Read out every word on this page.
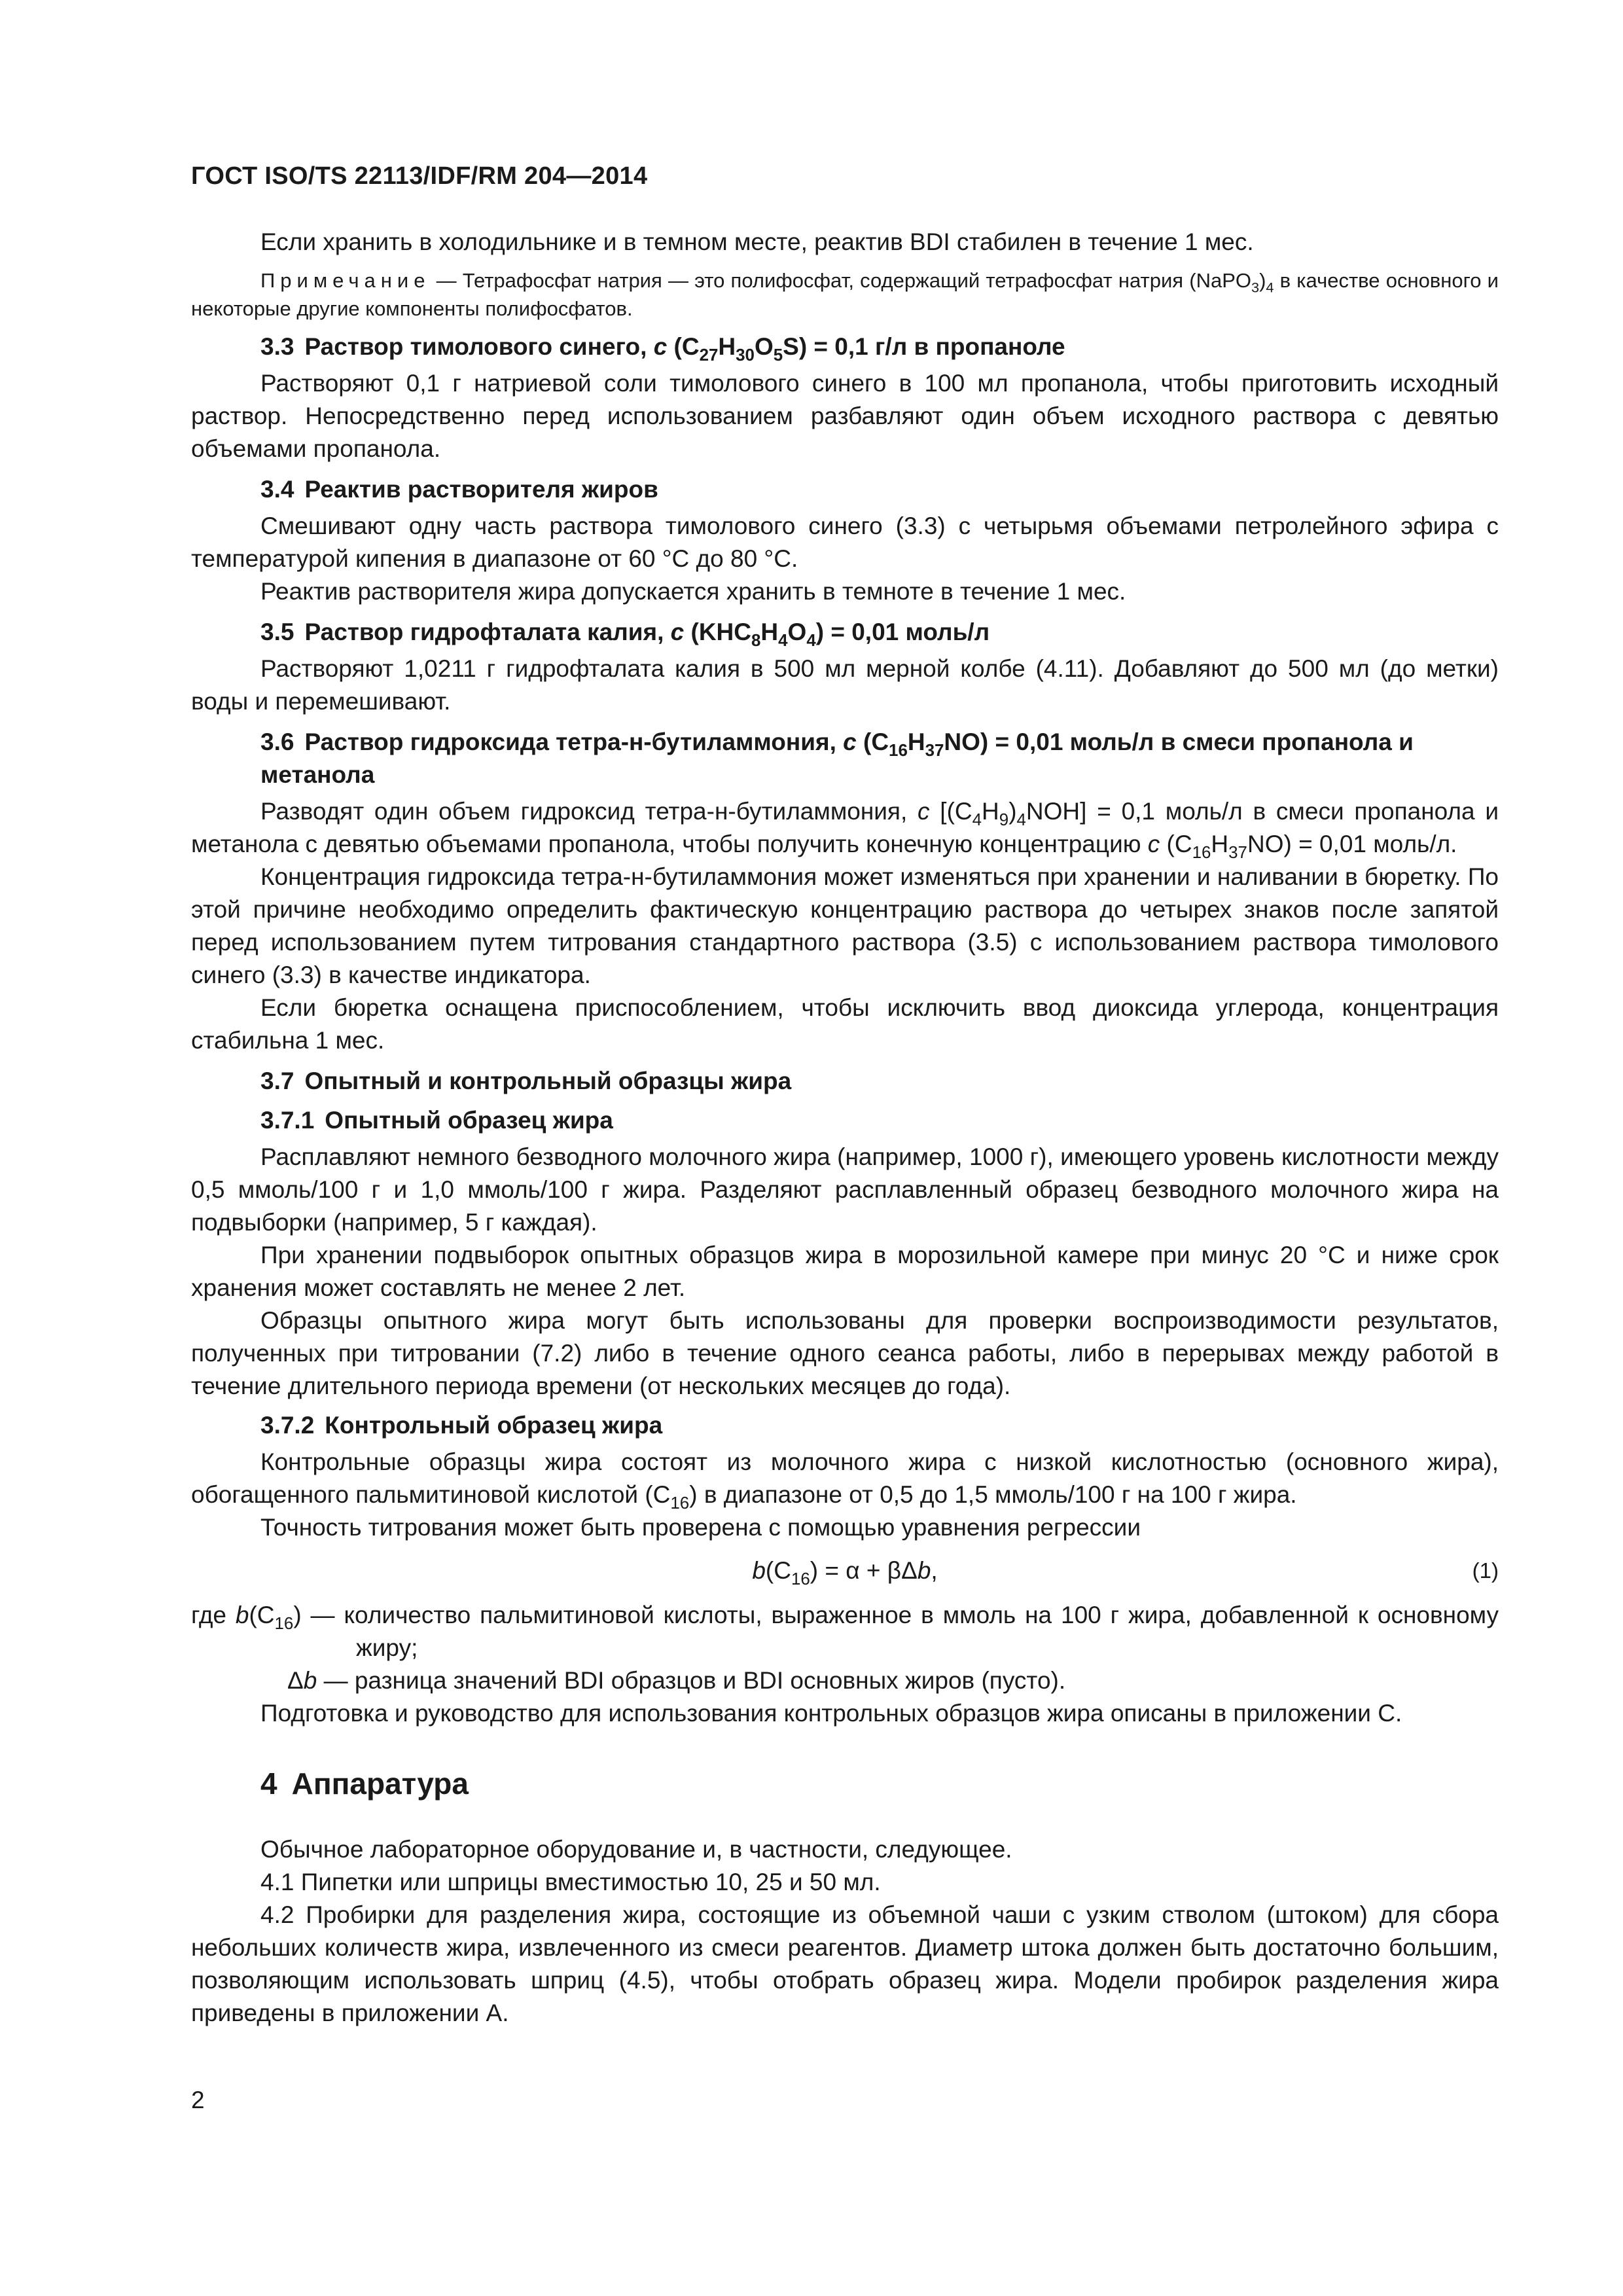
ГОСТ ISO/TS 22113/IDF/RM 204—2014

Если хранить в холодильнике и в темном месте, реактив BDI стабилен в течение 1 мес.

Примечание — Тетрафосфат натрия — это полифосфат, содержащий тетрафосфат натрия $(NaPO_3)_4$ в качестве основного и некоторые другие компоненты полифосфатов.

3.3 Раствор тимолового синего, c $(C_{27}H_{30}O_5S) = 0,1$ г/л в пропаноле

Растворяют 0,1 г натриевой соли тимолового синего в 100 мл пропанола, чтобы приготовить исходный раствор. Непосредственно перед использованием разбавляют один объем исходного раствора с девятью объемами пропанола.

3.4 Реактив растворителя жиров

Смешивают одну часть раствора тимолового синего (3.3) с четырьмя объемами петролейного эфира с температурой кипения в диапазоне от 60 °С до 80 °С.

Реактив растворителя жира допускается хранить в темноте в течение 1 мес.

3.5 Раствор гидрофталата калия, c $(KHC_8H_4O_4) = 0,01$ моль/л

Растворяют 1,0211 г гидрофталата калия в 500 мл мерной колбе (4.11). Добавляют до 500 мл (до метки) воды и перемешивают.

3.6 Раствор гидроксида тетра-н-бутиламмония, c $(C_{16}H_{37}NO) = 0,01$ моль/л в смеси пропанола и метанола

Разводят один объем гидроксид тетра-н-бутиламмония, c $[(C_4H_9)_4NOH] = 0,1$ моль/л в смеси пропанола и метанола с девятью объемами пропанола, чтобы получить конечную концентрацию c $(C_{16}H_{37}NO) = 0,01$ моль/л.

Концентрация гидроксида тетра-н-бутиламмония может изменяться при хранении и наливании в бюретку. По этой причине необходимо определить фактическую концентрацию раствора до четырех знаков после запятой перед использованием путем титрования стандартного раствора (3.5) с использованием раствора тимолового синего (3.3) в качестве индикатора.

Если бюретка оснащена приспособлением, чтобы исключить ввод диоксида углерода, концентрация стабильна 1 мес.

3.7 Опытный и контрольный образцы жира
3.7.1 Опытный образец жира

Расплавляют немного безводного молочного жира (например, 1000 г), имеющего уровень кислотности между 0,5 ммоль/100 г и 1,0 ммоль/100 г жира. Разделяют расплавленный образец безводного молочного жира на подвыборки (например, 5 г каждая).

При хранении подвыборок опытных образцов жира в морозильной камере при минус 20 °С и ниже срок хранения может составлять не менее 2 лет.

Образцы опытного жира могут быть использованы для проверки воспроизводимости результатов, полученных при титровании (7.2) либо в течение одного сеанса работы, либо в перерывах между работой в течение длительного периода времени (от нескольких месяцев до года).

3.7.2 Контрольный образец жира

Контрольные образцы жира состоят из молочного жира с низкой кислотностью (основного жира), обогащенного пальмитиновой кислотой $(C_{16})$ в диапазоне от 0,5 до 1,5 ммоль/100 г на 100 г жира.

Точность титрования может быть проверена с помощью уравнения регрессии

$b(C_{16}) = \alpha + \beta\Delta b$,	(1)

где $b(C_{16})$ — количество пальмитиновой кислоты, выраженное в ммоль на 100 г жира, добавленной к основному жиру;

Δb — разница значений BDI образцов и BDI основных жиров (пусто).

Подготовка и руководство для использования контрольных образцов жира описаны в приложении С.

4 Аппаратура

Обычное лабораторное оборудование и, в частности, следующее.

4.1 Пипетки или шприцы вместимостью 10, 25 и 50 мл.

4.2 Пробирки для разделения жира, состоящие из объемной чаши с узким стволом (штоком) для сбора небольших количеств жира, извлеченного из смеси реагентов. Диаметр штока должен быть достаточно большим, позволяющим использовать шприц (4.5), чтобы отобрать образец жира. Модели пробирок разделения жира приведены в приложении А.

2
